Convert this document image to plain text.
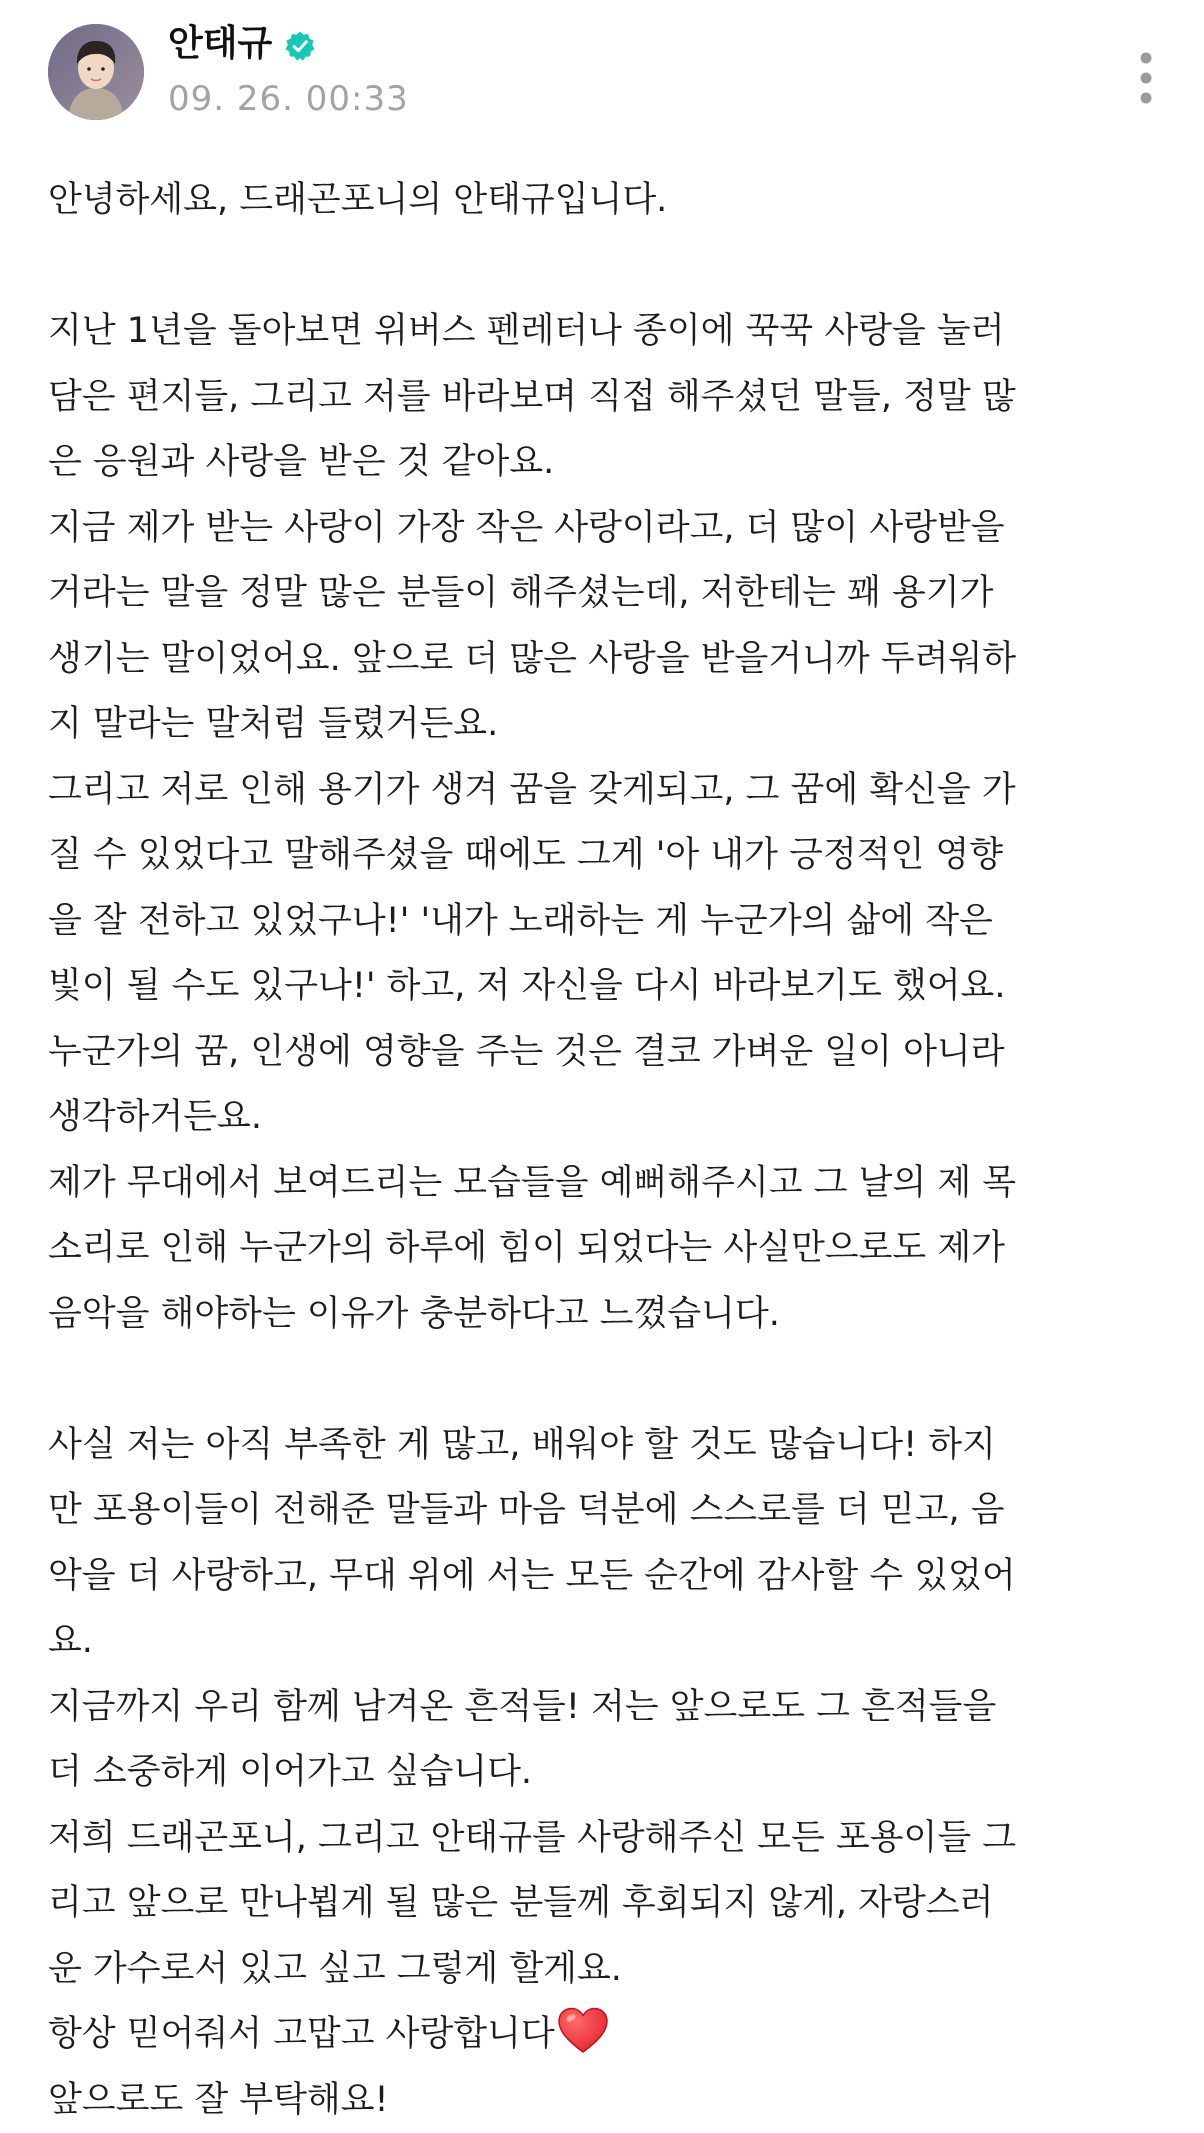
안태규
09. 26. 00:33
안녕하세요, 드래곤포니의 안태규입니다.
지난 1년을 돌아보면 위버스 펜레터나 종이에 꾹꾹 사랑을 눌러
담은 편지들, 그리고 저를 바라보며 직접 해주셨던 말들, 정말 많
은 응원과 사랑을 받은 것 같아요.
지금 제가 받는 사랑이 가장 작은 사랑이라고, 더 많이 사랑받을
거라는 말을 정말 많은 분들이 해주셨는데, 저한테는 꽤 용기가
생기는 말이었어요. 앞으로 더 많은 사랑을 받을거니까 두려워하
지 말라는 말처럼 들렸거든요.
그리고 저로 인해 용기가 생겨 꿈을 갖게되고, 그 꿈에 확신을 가
질 수 있었다고 말해주셨을 때에도 그게 '아 내가 긍정적인 영향
을 잘 전하고 있었구나!' '내가 노래하는 게 누군가의 삶에 작은
빛이 될 수도 있구나!' 하고, 저 자신을 다시 바라보기도 했어요.
누군가의 꿈, 인생에 영향을 주는 것은 결코 가벼운 일이 아니라
생각하거든요.
제가 무대에서 보여드리는 모습들을 예뻐해주시고 그 날의 제 목
소리로 인해 누군가의 하루에 힘이 되었다는 사실만으로도 제가
음악을 해야하는 이유가 충분하다고 느꼈습니다.
사실 저는 아직 부족한 게 많고, 배워야 할 것도 많습니다! 하지
만 포용이들이 전해준 말들과 마음 덕분에 스스로를 더 믿고, 음
악을 더 사랑하고, 무대 위에 서는 모든 순간에 감사할 수 있었어
요.
지금까지 우리 함께 남겨온 흔적들! 저는 앞으로도 그 흔적들을
더 소중하게 이어가고 싶습니다.
저희 드래곤포니, 그리고 안태규를 사랑해주신 모든 포용이들 그
리고 앞으로 만나뵙게 될 많은 분들께 후회되지 않게, 자랑스러
운 가수로서 있고 싶고 그렇게 할게요.
항상 믿어줘서 고맙고 사랑합니다
앞으로도 잘 부탁해요!
